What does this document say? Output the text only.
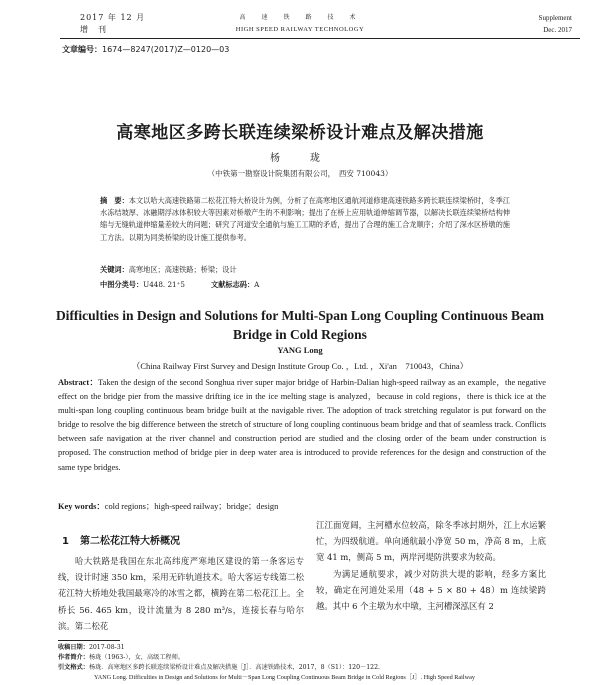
2017 年 12 月
增　刊
高　速　铁　路　技　术
HIGH SPEED RAILWAY TECHNOLOGY
Supplement
Dec. 2017
文章编号：1674—8247(2017)Z—0120—03
高寒地区多跨长联连续梁桥设计难点及解决措施
杨　珑
（中铁第一勘察设计院集团有限公司，　西安 710043）
摘　要：本文以哈大高速铁路第二松花江特大桥设计为例，分析了在高寒地区通航河道修建高速铁路多跨长联连续梁桥时，冬季江水冻结坡厚、冰融期浮冰体积较大等因素对桥墩产生的不利影响；提出了在桥上应用轨道伸缩调节器，以解决长联连续梁桥结构伸缩与无缝轨道伸缩量差较大的问题；研究了河道安全通航与施工工期的矛盾，提出了合理的施工合龙顺序；介绍了深水区桥墩的施工方法。以期为同类桥梁的设计施工提供参考。
关键词：高寒地区；高速铁路；桥梁；设计
中图分类号：U448. 21⁺5	文献标志码：A
Difficulties in Design and Solutions for Multi-Span Long Coupling Continuous Beam Bridge in Cold Regions
YANG Long
（China Railway First Survey and Design Institute Group Co. ，Ltd. ，Xi'an　710043，China）
Abstract：Taken the design of the second Songhua river super major bridge of Harbin-Dalian high-speed railway as an example，the negative effect on the bridge pier from the massive drifting ice in the ice melting stage is analyzed，because in cold regions，there is thick ice at the multi-span long coupling continuous beam bridge built at the navigable river. The adoption of track stretching regulator is put forward on the bridge to resolve the big difference between the stretch of structure of long coupling continuous beam bridge and that of seamless track. Conflicts between safe navigation at the river channel and construction period are studied and the closing order of the beam under construction is proposed. The construction method of bridge pier in deep water area is introduced to provide references for the design and construction of the same type bridges.
Key words：cold regions；high-speed railway；bridge；design
1 第二松花江特大桥概况
哈大铁路是我国在东北高纬度严寒地区建设的第一条客运专线，设计时速 350 km，采用无砟轨道技术。哈大客运专线第二松花江特大桥地处我国最寒冷的冰雪之都，横跨在第二松花江上。全桥长 56. 465 km，设计流量为 8 280 m³/s，连接长春与哈尔滨。第二松花

江江面宽阔，主河槽水位较高，除冬季冰封期外，江上水运繁忙，为四级航道。单向通航最小净宽 50 m，净高 8 m，上底宽 41 m，侧高 5 m，两岸河堤防洪要求为较高。

为满足通航要求，减少对防洪大堤的影响，经多方案比较，确定在河道处采用（48 + 5 × 80 + 48）m 连续梁跨越。其中 6 个主墩为水中墩，主河槽深泓区有 2

收稿日期：2017-08-31
作者简介：杨珑（1963-），女，高级工程师。
引文格式：杨珑．高寒地区多跨长联连续梁桥设计难点及解决措施［J］．高速铁路技术，2017，8（S1）：120－122.
YANG Long. Difficulties in Design and Solutions for Multi－Span Long Coupling Continuous Beam Bridge in Cold Regions［J］. High Speed Railway
